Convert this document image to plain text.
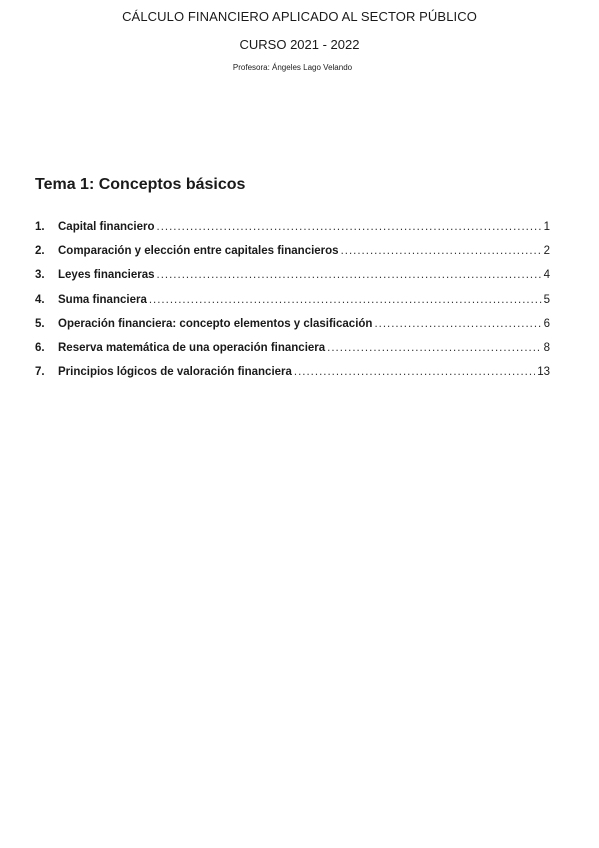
CÁLCULO FINANCIERO APLICADO AL SECTOR PÚBLICO
CURSO 2021 - 2022
Profesora: Ángeles Lago Velando
Tema 1: Conceptos básicos
1.	Capital financiero .....	1
2.	Comparación y elección entre capitales financieros .....	2
3.	Leyes financieras .....	4
4.	Suma financiera .....	5
5.	Operación financiera: concepto elementos y clasificación .....	6
6.	Reserva matemática de una operación financiera .....	8
7.	Principios lógicos de valoración financiera .....	13
